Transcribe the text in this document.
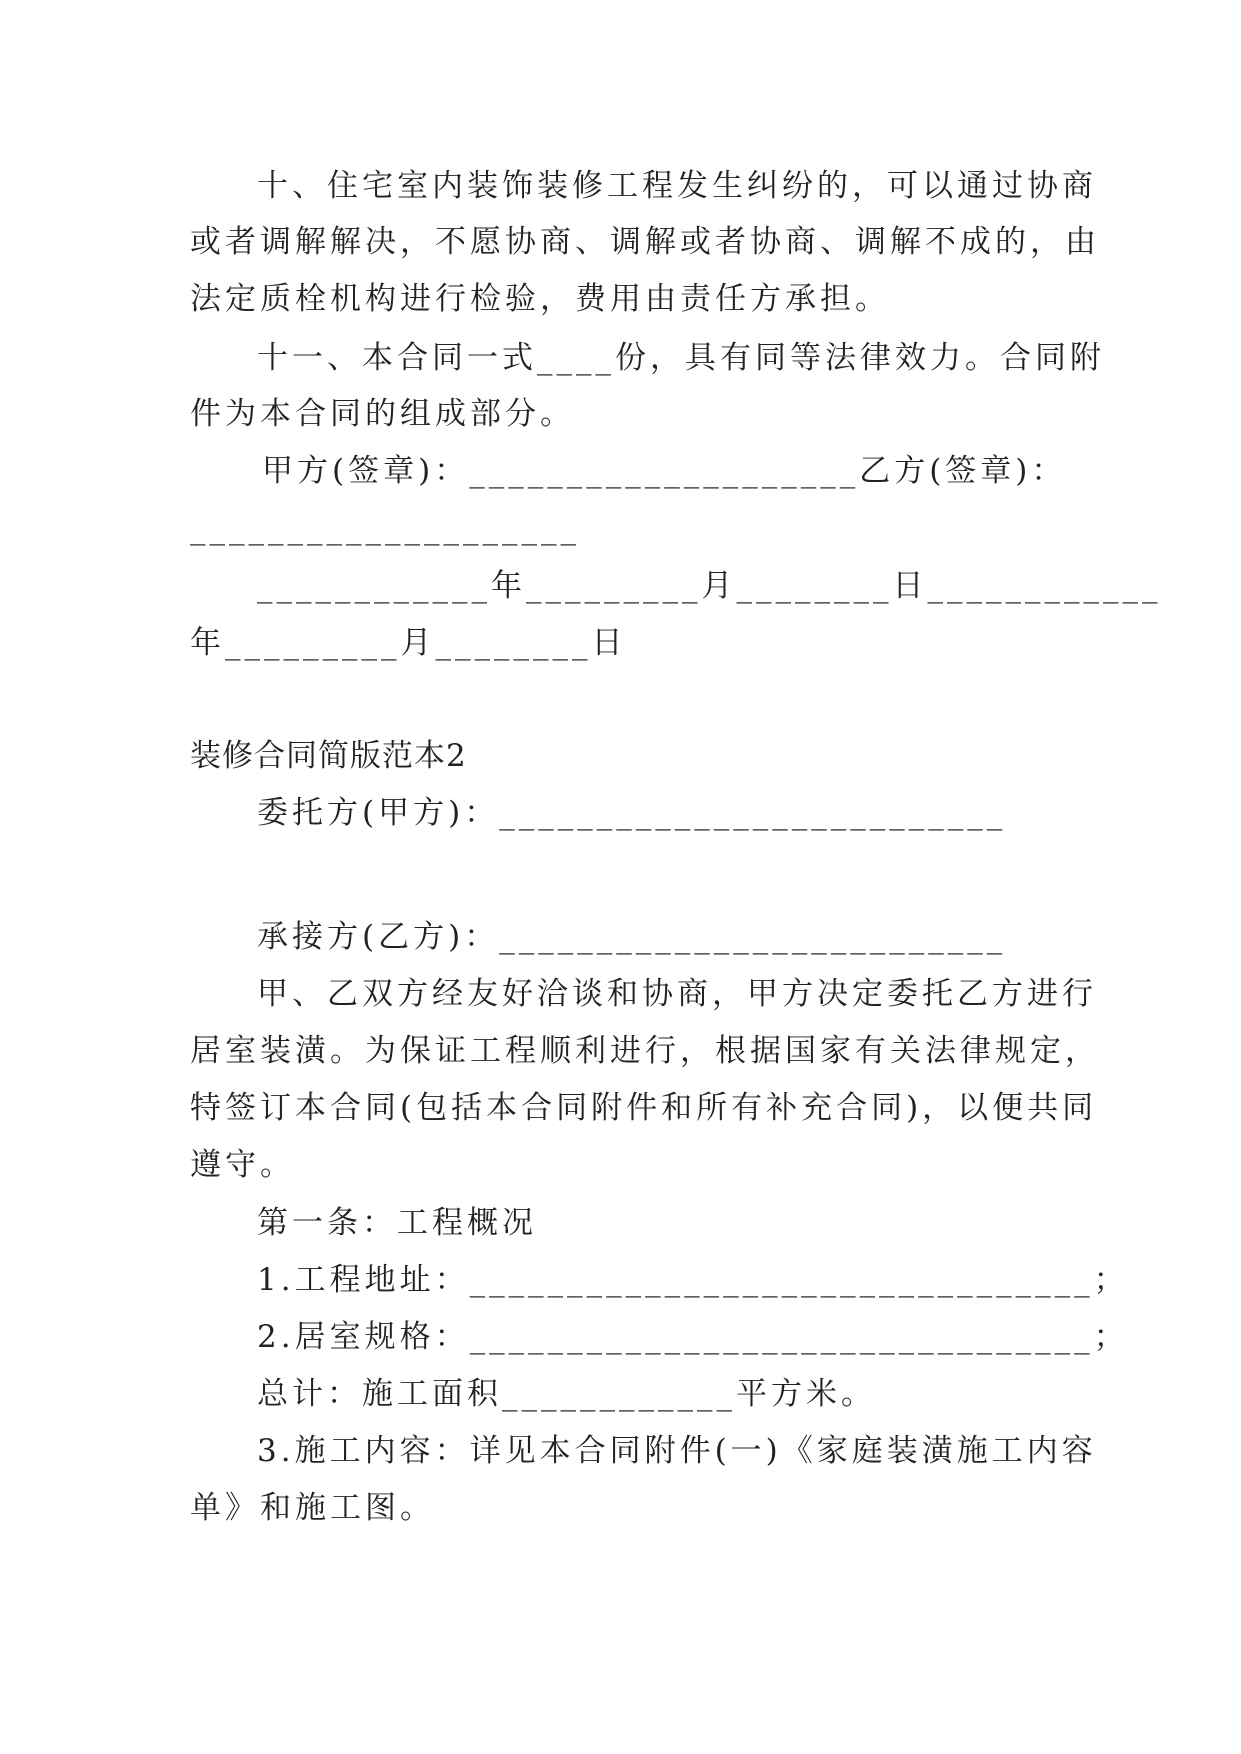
十、住宅室内装饰装修工程发生纠纷的，可以通过协商
或者调解解决，不愿协商、调解或者协商、调解不成的，由
法定质栓机构进行检验，费用由责任方承担。
十一、本合同一式____份，具有同等法律效力。合同附
件为本合同的组成部分。
甲方(签章)：____________________乙方(签章)：
____________________
____________年_________月________日____________
年_________月________日
装修合同简版范本2
委托方(甲方)：__________________________
承接方(乙方)：__________________________
甲、乙双方经友好洽谈和协商，甲方决定委托乙方进行
居室装潢。为保证工程顺利进行，根据国家有关法律规定，
特签订本合同(包括本合同附件和所有补充合同)，以便共同
遵守。
第一条：工程概况
1.工程地址：________________________________；
2.居室规格：________________________________；
总计：施工面积____________平方米。
3.施工内容：详见本合同附件(一)《家庭装潢施工内容
单》和施工图。
